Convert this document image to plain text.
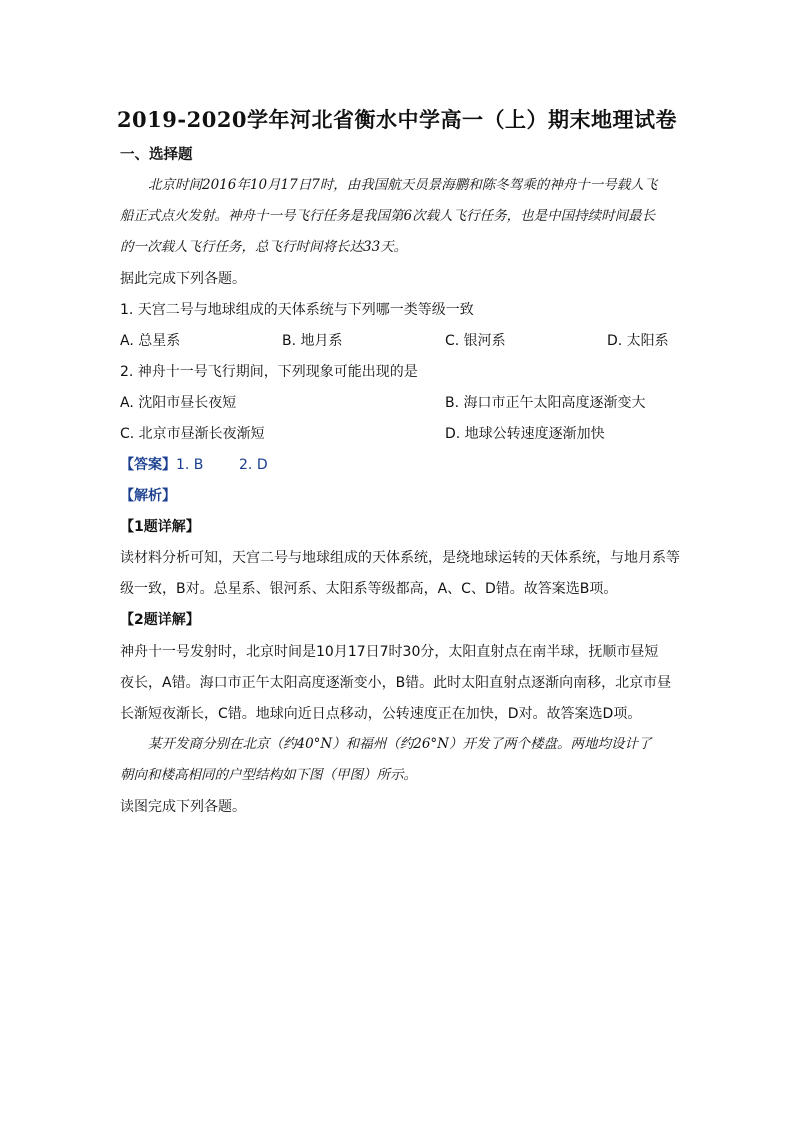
2019-2020学年河北省衡水中学高一（上）期末地理试卷
一、选择题
北京时间2016年10月17日7时，由我国航天员景海鹏和陈冬驾乘的神舟十一号载人飞
船正式点火发射。神舟十一号飞行任务是我国第6次载人飞行任务，也是中国持续时间最长
的一次载人飞行任务，总飞行时间将长达33天。
据此完成下列各题。
1. 天宫二号与地球组成的天体系统与下列哪一类等级一致
A. 总星系	B. 地月系	C. 银河系	D. 太阳系
2. 神舟十一号飞行期间，下列现象可能出现的是
A. 沈阳市昼长夜短	B. 海口市正午太阳高度逐渐变大
C. 北京市昼渐长夜渐短	D. 地球公转速度逐渐加快
【答案】1. B        2. D
【解析】
【1题详解】
读材料分析可知，天宫二号与地球组成的天体系统，是绕地球运转的天体系统，与地月系等
级一致，B对。总星系、银河系、太阳系等级都高，A、C、D错。故答案选B项。
【2题详解】
神舟十一号发射时，北京时间是10月17日7时30分，太阳直射点在南半球，抚顺市昼短
夜长，A错。海口市正午太阳高度逐渐变小，B错。此时太阳直射点逐渐向南移，北京市昼
长渐短夜渐长，C错。地球向近日点移动，公转速度正在加快，D对。故答案选D项。
某开发商分别在北京（约40°N）和福州（约26°N）开发了两个楼盘。两地均设计了
朝向和楼高相同的户型结构如下图（甲图）所示。
读图完成下列各题。
